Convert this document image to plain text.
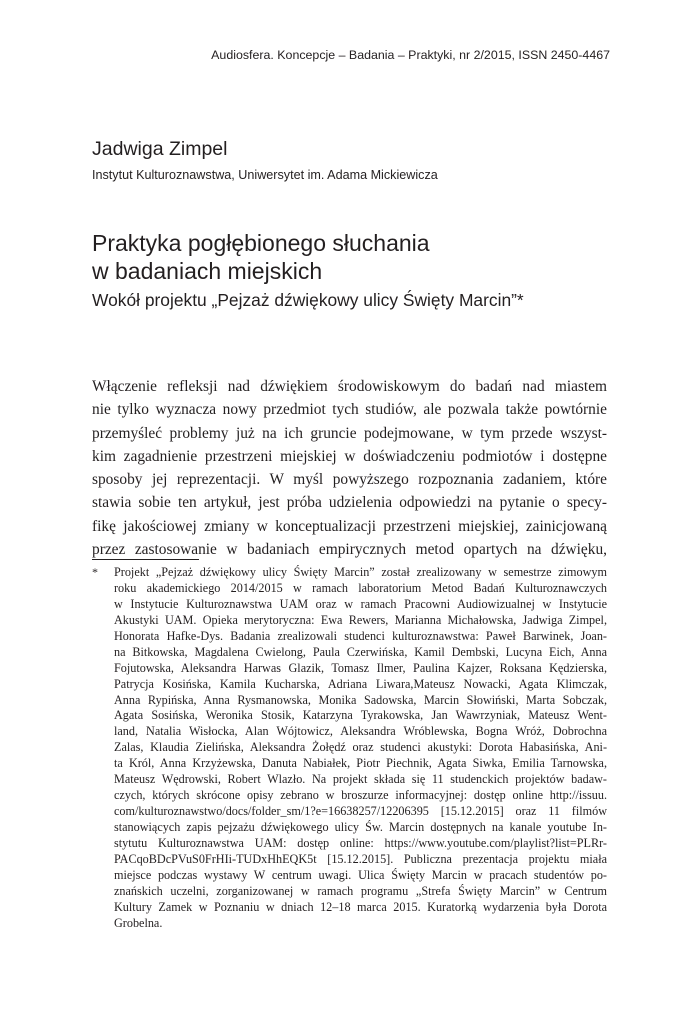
Audiosfera. Koncepcje – Badania – Praktyki, nr 2/2015, ISSN 2450-4467
Jadwiga Zimpel
Instytut Kulturoznawstwa, Uniwersytet im. Adama Mickiewicza
Praktyka pogłębionego słuchania
w badaniach miejskich
Wokół projektu „Pejzaż dźwiękowy ulicy Święty Marcin”*
Włączenie refleksji nad dźwiękiem środowiskowym do badań nad miastem
nie tylko wyznacza nowy przedmiot tych studiów, ale pozwala także powtórnie
przemyśleć problemy już na ich gruncie podejmowane, w tym przede wszyst-
kim zagadnienie przestrzeni miejskiej w doświadczeniu podmiotów i dostępne
sposoby jej reprezentacji. W myśl powyższego rozpoznania zadaniem, które
stawia sobie ten artykuł, jest próba udzielenia odpowiedzi na pytanie o specy-
fikę jakościowej zmiany w konceptualizacji przestrzeni miejskiej, zainicjowaną
przez zastosowanie w badaniach empirycznych metod opartych na dźwięku,
* Projekt „Pejzaż dźwiękowy ulicy Święty Marcin” został zrealizowany w semestrze zimowym
roku akademickiego 2014/2015 w ramach laboratorium Metod Badań Kulturoznawczych
w Instytucie Kulturoznawstwa UAM oraz w ramach Pracowni Audiowizualnej w Instytucie
Akustyki UAM. Opieka merytoryczna: Ewa Rewers, Marianna Michałowska, Jadwiga Zimpel,
Honorata Hafke-Dys. Badania zrealizowali studenci kulturoznawstwa: Paweł Barwinek, Joan-
na Bitkowska, Magdalena Cwielong, Paula Czerwińska, Kamil Dembski, Lucyna Eich, Anna
Fojutowska, Aleksandra Harwas Glazik, Tomasz Ilmer, Paulina Kajzer, Roksana Kędzierska,
Patrycja Kosińska, Kamila Kucharska, Adriana Liwara,Mateusz Nowacki, Agata Klimczak,
Anna Rypińska, Anna Rysmanowska, Monika Sadowska, Marcin Słowiński, Marta Sobczak,
Agata Sosińska, Weronika Stosik, Katarzyna Tyrakowska, Jan Wawrzyniak, Mateusz Went-
land, Natalia Wisłocka, Alan Wójtowicz, Aleksandra Wróblewska, Bogna Wróż, Dobrochna
Zalas, Klaudia Zielińska, Aleksandra Żołędź oraz studenci akustyki: Dorota Habasińska, Ani-
ta Król, Anna Krzyżewska, Danuta Nabiałek, Piotr Piechnik, Agata Siwka, Emilia Tarnowska,
Mateusz Wędrowski, Robert Wlazło. Na projekt składa się 11 studenckich projektów badaw-
czych, których skrócone opisy zebrano w broszurze informacyjnej: dostęp online http://issuu.
com/kulturoznawstwo/docs/folder_sm/1?e=16638257/12206395 [15.12.2015] oraz 11 filmów
stanowiących zapis pejzażu dźwiękowego ulicy Św. Marcin dostępnych na kanale youtube In-
stytutu Kulturoznawstwa UAM: dostęp online: https://www.youtube.com/playlist?list=PLRr-
PACqoBDcPVuS0FrHIi-TUDxHhEQK5t [15.12.2015]. Publiczna prezentacja projektu miała
miejsce podczas wystawy W centrum uwagi. Ulica Święty Marcin w pracach studentów po-
znańskich uczelni, zorganizowanej w ramach programu „Strefa Święty Marcin” w Centrum
Kultury Zamek w Poznaniu w dniach 12–18 marca 2015. Kuratorką wydarzenia była Dorota
Grobelna.
